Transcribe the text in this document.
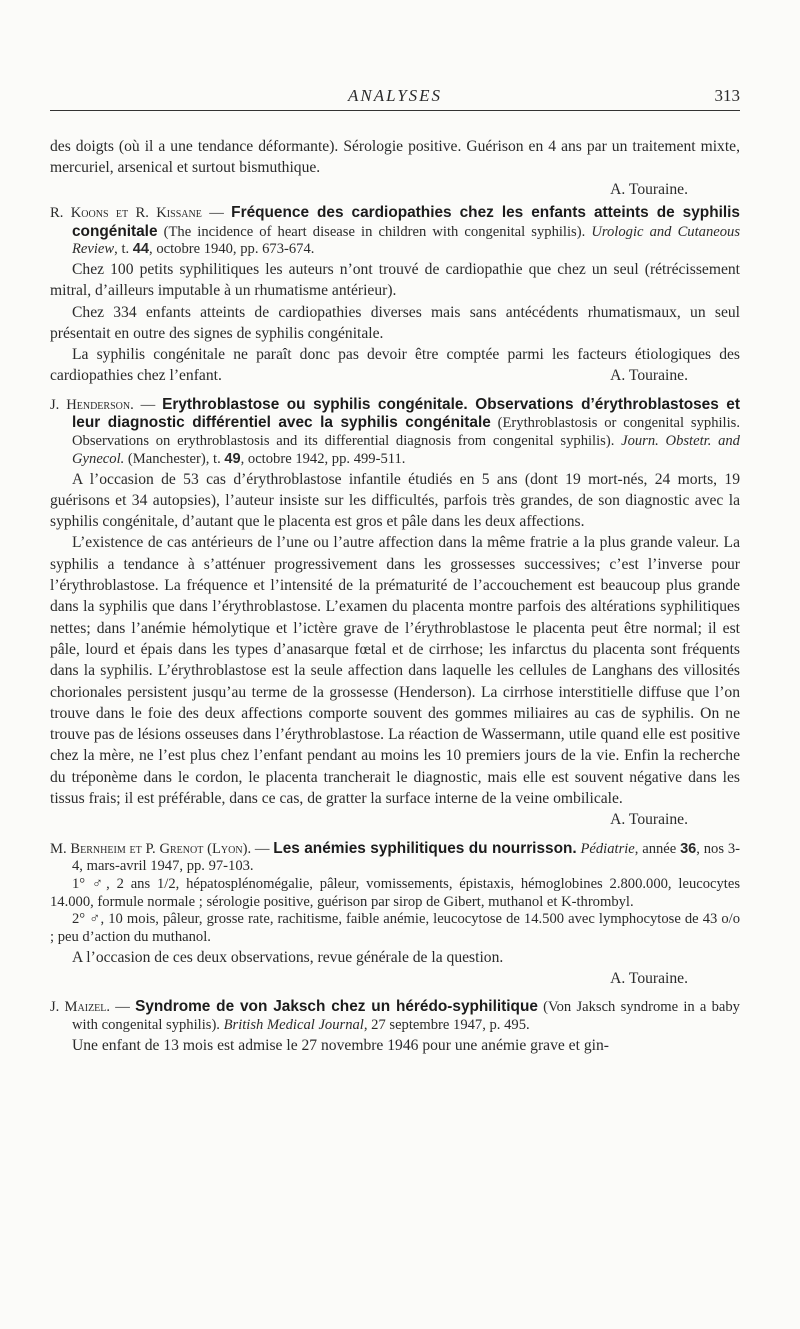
ANALYSES	313

des doigts (où il a une tendance déformante). Sérologie positive. Guérison en 4 ans par un traitement mixte, mercuriel, arsenical et surtout bismuthique.

A. Touraine.

R. Koons et R. Kissane — Fréquence des cardiopathies chez les enfants atteints de syphilis congénitale (The incidence of heart disease in children with congenital syphilis). Urologic and Cutaneous Review, t. 44, octobre 1940, pp. 673-674.

Chez 100 petits syphilitiques les auteurs n’ont trouvé de cardiopathie que chez un seul (rétrécissement mitral, d’ailleurs imputable à un rhumatisme antérieur).

Chez 334 enfants atteints de cardiopathies diverses mais sans antécédents rhumatismaux, un seul présentait en outre des signes de syphilis congénitale.

La syphilis congénitale ne paraît donc pas devoir être comptée parmi les facteurs étiologiques des cardiopathies chez l’enfant.	A. Touraine.

J. Henderson. — Erythroblastose ou syphilis congénitale. Observations d’érythroblastoses et leur diagnostic différentiel avec la syphilis congénitale (Erythroblastosis or congenital syphilis. Observations on erythroblastosis and its differential diagnosis from congenital syphilis). Journ. Obstetr. and Gynecol. (Manchester), t. 49, octobre 1942, pp. 499-511.

A l’occasion de 53 cas d’érythroblastose infantile étudiés en 5 ans (dont 19 mort-nés, 24 morts, 19 guérisons et 34 autopsies), l’auteur insiste sur les difficultés, parfois très grandes, de son diagnostic avec la syphilis congénitale, d’autant que le placenta est gros et pâle dans les deux affections.

L’existence de cas antérieurs de l’une ou l’autre affection dans la même fratrie a la plus grande valeur. La syphilis a tendance à s’atténuer progressivement dans les grossesses successives; c’est l’inverse pour l’érythroblastose. La fréquence et l’intensité de la prématurité de l’accouchement est beaucoup plus grande dans la syphilis que dans l’érythroblastose. L’examen du placenta montre parfois des altérations syphilitiques nettes; dans l’anémie hémolytique et l’ictère grave de l’érythroblastose le placenta peut être normal; il est pâle, lourd et épais dans les types d’anasarque fœtal et de cirrhose; les infarctus du placenta sont fréquents dans la syphilis. L’érythroblastose est la seule affection dans laquelle les cellules de Langhans des villosités chorionales persistent jusqu’au terme de la grossesse (Henderson). La cirrhose interstitielle diffuse que l’on trouve dans le foie des deux affections comporte souvent des gommes miliaires au cas de syphilis. On ne trouve pas de lésions osseuses dans l’érythroblastose. La réaction de Wassermann, utile quand elle est positive chez la mère, ne l’est plus chez l’enfant pendant au moins les 10 premiers jours de la vie. Enfin la recherche du tréponème dans le cordon, le placenta trancherait le diagnostic, mais elle est souvent négative dans les tissus frais; il est préférable, dans ce cas, de gratter la surface interne de la veine ombilicale.

A. Touraine.

M. Bernheim et P. Grenot (Lyon). — Les anémies syphilitiques du nourrisson. Pédiatrie, année 36, nos 3-4, mars-avril 1947, pp. 97-103.

1° ♂, 2 ans 1/2, hépatosplénomégalie, pâleur, vomissements, épistaxis, hémoglobines 2.800.000, leucocytes 14.000, formule normale ; sérologie positive, guérison par sirop de Gibert, muthanol et K-thrombyl.

2° ♂, 10 mois, pâleur, grosse rate, rachitisme, faible anémie, leucocytose de 14.500 avec lymphocytose de 43 o/o ; peu d’action du muthanol.

A l’occasion de ces deux observations, revue générale de la question.

A. Touraine.

J. Maizel. — Syndrome de von Jaksch chez un hérédo-syphilitique (Von Jaksch syndrome in a baby with congenital syphilis). British Medical Journal, 27 septembre 1947, p. 495.

Une enfant de 13 mois est admise le 27 novembre 1946 pour une anémie grave et gin-
